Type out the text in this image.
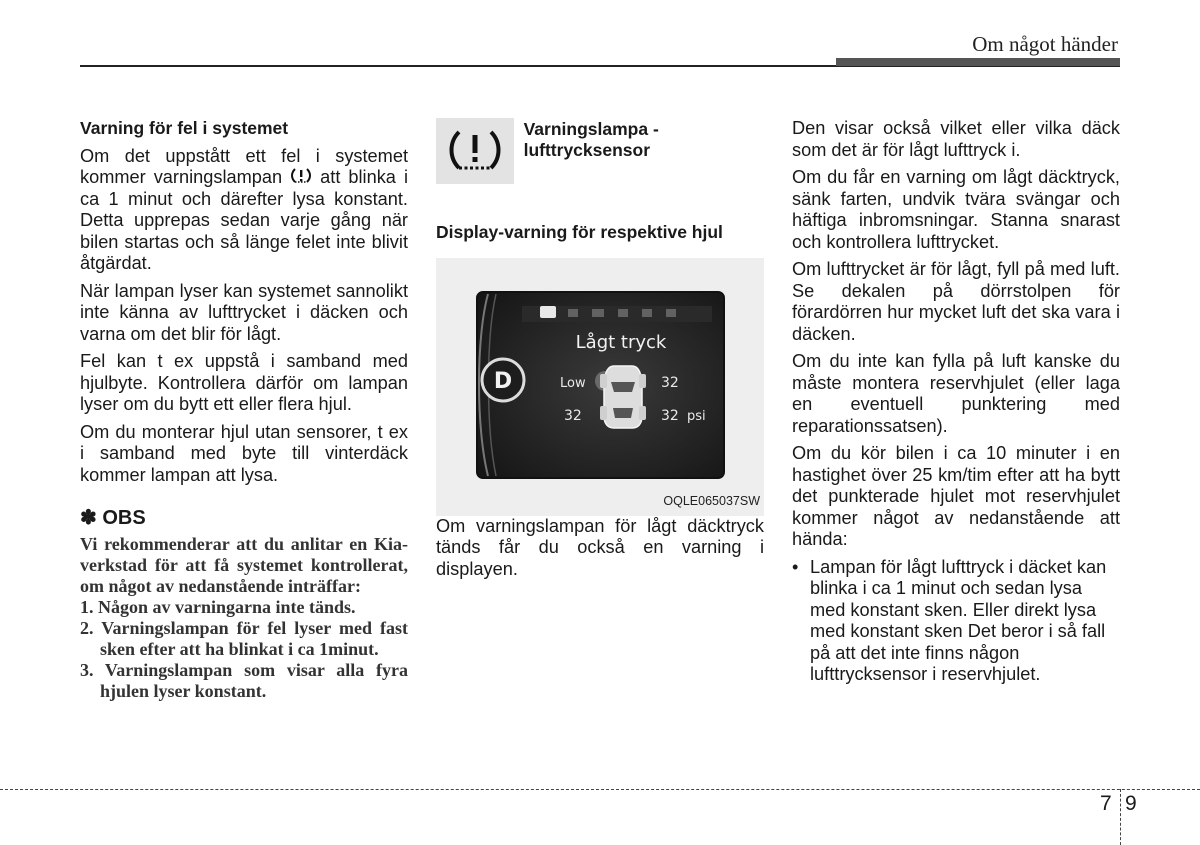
Om något händer
Varning för fel i systemet

Om det uppstått ett fel i systemet kommer varningslampan  att blinka i ca 1 minut och därefter lysa konstant. Detta upprepas sedan varje gång när bilen startas och så länge felet inte blivit åtgärdat.

När lampan lyser kan systemet sannolikt inte känna av lufttrycket i däcken och varna om det blir för lågt.

Fel kan t ex uppstå i samband med hjulbyte. Kontrollera därför om lampan lyser om du bytt ett eller flera hjul.

Om du monterar hjul utan sensorer, t ex i samband med byte till vinterdäck kommer lampan att lysa.

✽ OBS

Vi rekommenderar att du anlitar en Kia-verkstad för att få systemet kontrollerat, om något av nedanstående inträffar:

1. Någon av varningarna inte tänds.
2. Varningslampan för fel lyser med fast sken efter att ha blinkat i ca 1minut.
3. Varningslampan som visar alla fyra hjulen lyser konstant.
Varningslampa - lufttrycksensor
Display-varning för respektive hjul
Lågt tryck
D	Low	32
32	32 psi
OQLE065037SW

Om varningslampan för lågt däcktryck tänds får du också en varning i displayen.

Den visar också vilket eller vilka däck som det är för lågt lufttryck i.

Om du får en varning om lågt däcktryck, sänk farten, undvik tvära svängar och häftiga inbromsningar. Stanna snarast och kontrollera lufttrycket.

Om lufttrycket är för lågt, fyll på med luft. Se dekalen på dörrstolpen för förardörren hur mycket luft det ska vara i däcken.

Om du inte kan fylla på luft kanske du måste montera reservhjulet (eller laga en eventuell punktering med reparationssatsen).

Om du kör bilen i ca 10 minuter i en hastighet över 25 km/tim efter att ha bytt det punkterade hjulet mot reservhjulet kommer något av nedanstående att hända:

• Lampan för lågt lufttryck i däcket kan blinka i ca 1 minut och sedan lysa med konstant sken. Eller direkt lysa med konstant sken Det beror i så fall på att det inte finns någon lufttrycksensor i reservhjulet.
7 9
